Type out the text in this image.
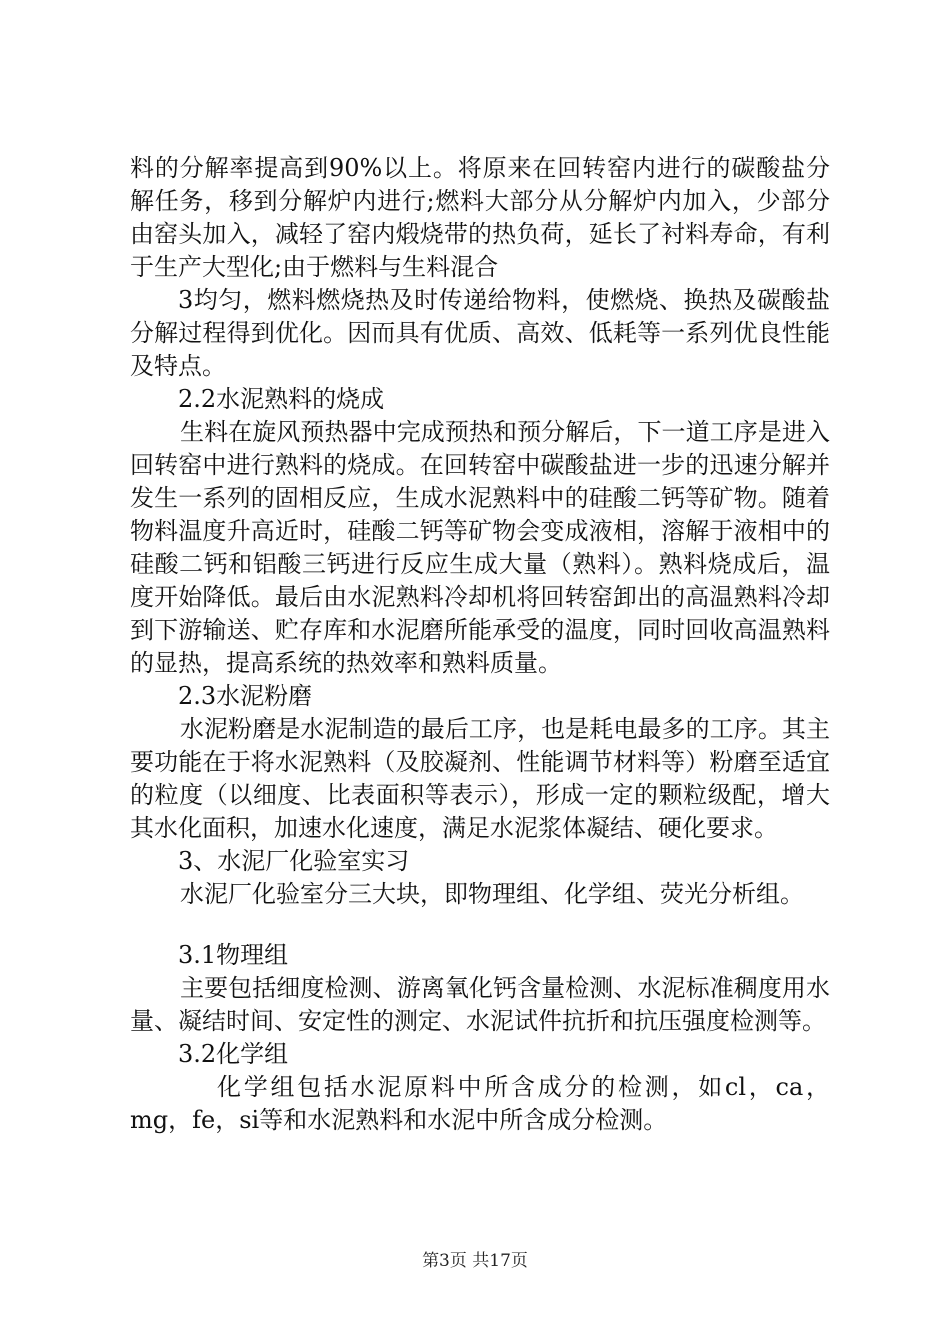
料的分解率提高到90%以上。将原来在回转窑内进行的碳酸盐分解任务，移到分解炉内进行;燃料大部分从分解炉内加入，少部分由窑头加入，减轻了窑内煅烧带的热负荷，延长了衬料寿命，有利于生产大型化;由于燃料与生料混合

3均匀，燃料燃烧热及时传递给物料，使燃烧、换热及碳酸盐分解过程得到优化。因而具有优质、高效、低耗等一系列优良性能及特点。

2.2水泥熟料的烧成

生料在旋风预热器中完成预热和预分解后，下一道工序是进入回转窑中进行熟料的烧成。在回转窑中碳酸盐进一步的迅速分解并发生一系列的固相反应，生成水泥熟料中的硅酸二钙等矿物。随着物料温度升高近时，硅酸二钙等矿物会变成液相，溶解于液相中的硅酸二钙和铝酸三钙进行反应生成大量（熟料）。熟料烧成后，温度开始降低。最后由水泥熟料冷却机将回转窑卸出的高温熟料冷却到下游输送、贮存库和水泥磨所能承受的温度，同时回收高温熟料的显热，提高系统的热效率和熟料质量。

2.3水泥粉磨

水泥粉磨是水泥制造的最后工序，也是耗电最多的工序。其主要功能在于将水泥熟料（及胶凝剂、性能调节材料等）粉磨至适宜的粒度（以细度、比表面积等表示），形成一定的颗粒级配，增大其水化面积，加速水化速度，满足水泥浆体凝结、硬化要求。

3、水泥厂化验室实习

水泥厂化验室分三大块，即物理组、化学组、荧光分析组。

3.1物理组

主要包括细度检测、游离氧化钙含量检测、水泥标准稠度用水量、凝结时间、安定性的测定、水泥试件抗折和抗压强度检测等。

3.2化学组

化学组包括水泥原料中所含成分的检测，如cl，ca，mg，fe，si等和水泥熟料和水泥中所含成分检测。

第3页 共17页
